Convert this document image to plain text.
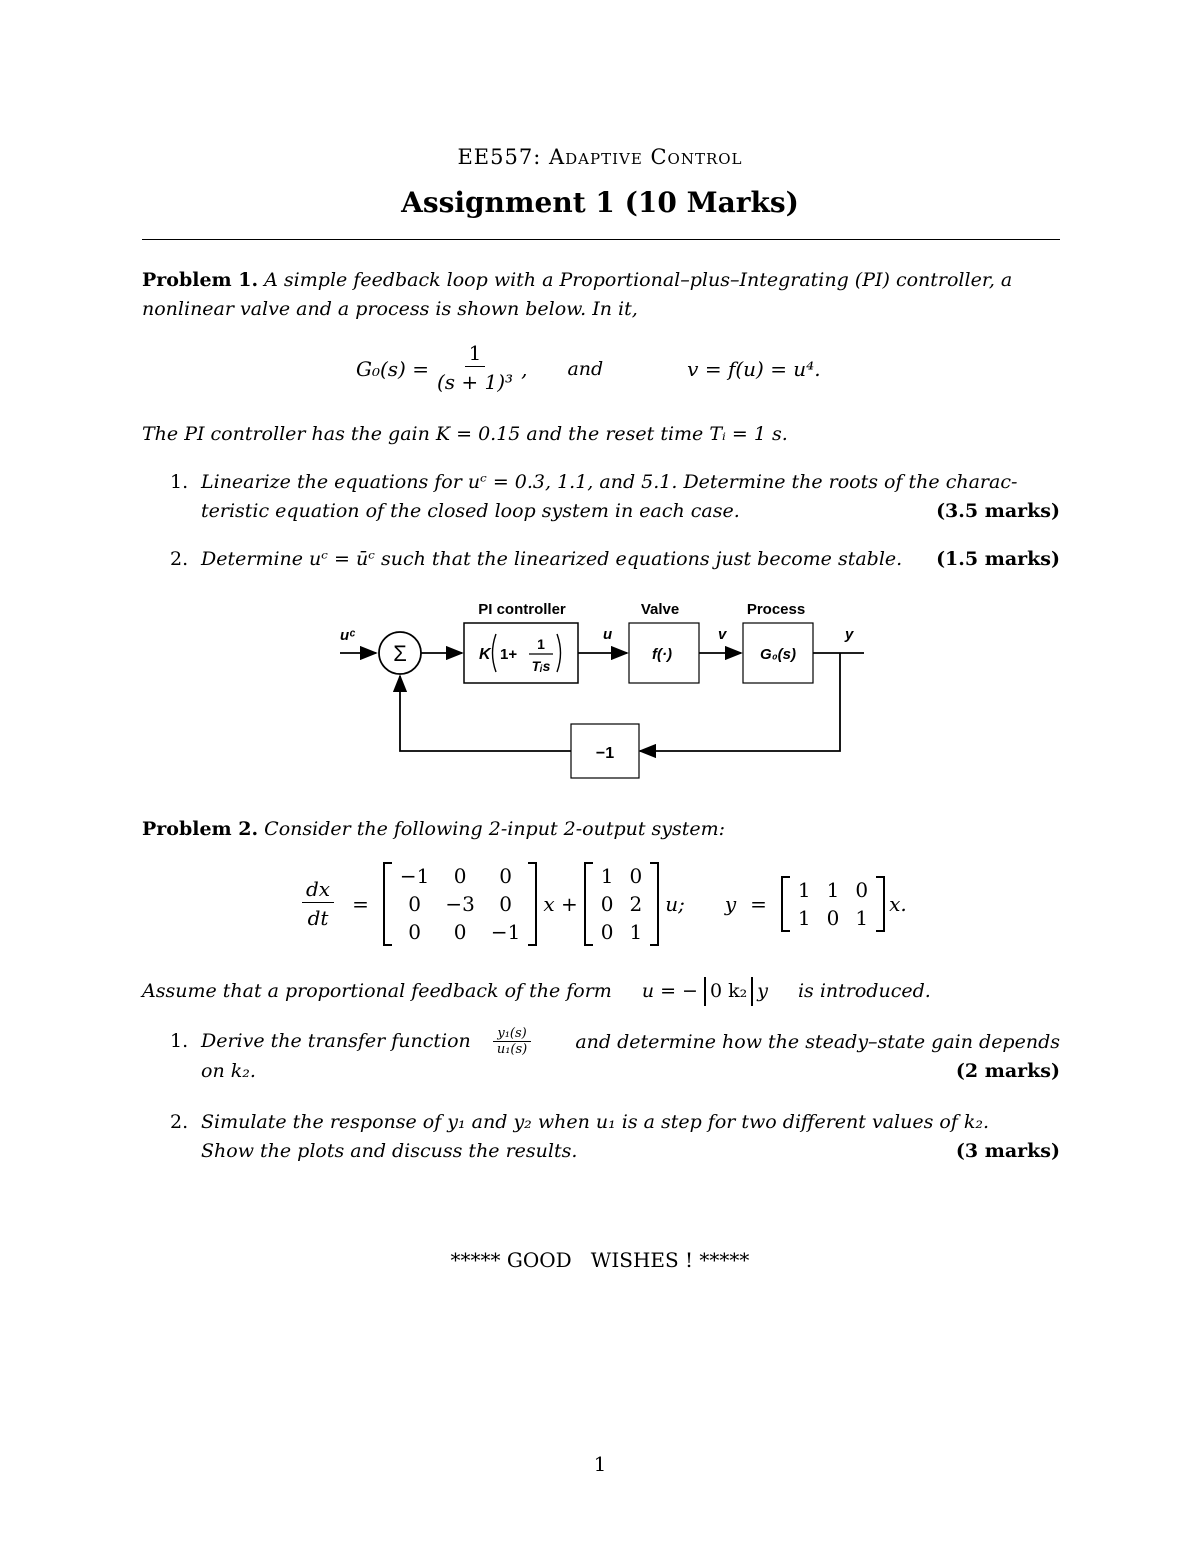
EE557: Adaptive Control
Assignment 1 (10 Marks)
Problem 1. A simple feedback loop with a Proportional–plus–Integrating (PI) controller, a nonlinear valve and a process is shown below. In it,
$G_0(s) = \frac{1}{\text{(s + 1)³}}$ , and	v = f(u) = u⁴.
The PI controller has the gain K = 0.15 and the reset time Tᵢ = 1 s.
1. Linearize the equations for uᶜ = 0.3, 1.1, and 5.1. Determine the roots of the charac-
teristic equation of the closed loop system in each case.	(3.5 marks)
2. Determine uᶜ = ūᶜ such that the linearized equations just become stable. (1.5 marks)
uᶜ
Σ
PI controller
K 1+
1
Tᵢs
u
Valve
f(·)
v
Process
G₀(s)
y
−1
Problem 2. Consider the following 2-input 2-output system:
$\frac{dx}{dt}$ =
−1	0	0
0	−3	0
0	0	−1
x +
1	0
0	2
0	1
u; y =
1	1	0
1	0	1
x.
Assume that a proportional feedback of the form u = − 0 k₂ y is introduced.
1. Derive the transfer function $\frac{\text{y₁(s)}}{\text{u₁(s)}}$ and determine how the steady–state gain depends
on k₂.	(2 marks)
2. Simulate the response of y₁ and y₂ when u₁ is a step for two different values of k₂.
Show the plots and discuss the results.	(3 marks)
***** GOOD   WISHES ! *****
1
